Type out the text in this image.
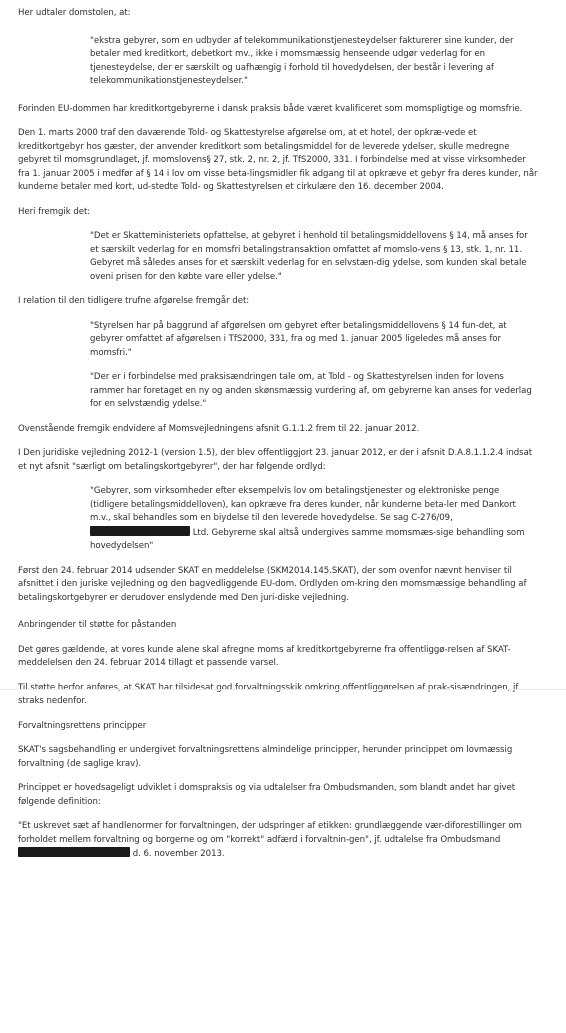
Her udtaler domstolen, at:

"ekstra gebyrer, som en udbyder af telekommunikationstjenesteydelser fakturerer sine kunder, der betaler med kreditkort, debetkort mv., ikke i momsmæssig henseende udgør vederlag for en tjenesteydelse, der er særskilt og uafhængig i forhold til hovedydelsen, der består i levering af telekommunikationstjenesteydelser."

Forinden EU-dommen har kreditkortgebyrerne i dansk praksis både været kvalificeret som momspligtige og momsfrie.

Den 1. marts 2000 traf den daværende Told- og Skattestyrelse afgørelse om, at et hotel, der opkræ-vede et kreditkortgebyr hos gæster, der anvender kreditkort som betalingsmiddel for de leverede ydelser, skulle medregne gebyret til momsgrundlaget, jf. momslovens§ 27, stk. 2, nr. 2, jf. TfS2000, 331. I forbindelse med at visse virksomheder fra 1. januar 2005 i medfør af § 14 i lov om visse beta-lingsmidler fik adgang til at opkræve et gebyr fra deres kunder, når kunderne betaler med kort, ud-stedte Told- og Skattestyrelsen et cirkulære den 16. december 2004.

Heri fremgik det:

"Det er Skatteministeriets opfattelse, at gebyret i henhold til betalingsmiddellovens § 14, må anses for et særskilt vederlag for en momsfri betalingstransaktion omfattet af momslo-vens § 13, stk. 1, nr. 11. Gebyret må således anses for et særskilt vederlag for en selvstæn-dig ydelse, som kunden skal betale oveni prisen for den købte vare eller ydelse."

I relation til den tidligere trufne afgørelse fremgår det:

"Styrelsen har på baggrund af afgørelsen om gebyret efter betalingsmiddellovens § 14 fun-det, at gebyrer omfattet af afgørelsen i TfS2000, 331, fra og med 1. januar 2005 ligeledes må anses for momsfri."

"Der er i forbindelse med praksisændringen tale om, at Told - og Skattestyrelsen inden for lovens rammer har foretaget en ny og anden skønsmæssig vurdering af, om gebyrerne kan anses for vederlag for en selvstændig ydelse."

Ovenstående fremgik endvidere af Momsvejledningens afsnit G.1.1.2 frem til 22. januar 2012.

I Den juridiske vejledning 2012-1 (version 1.5), der blev offentliggjort 23. januar 2012, er der i afsnit D.A.8.1.1.2.4 indsat et nyt afsnit "særligt om betalingskortgebyrer", der har følgende ordlyd:

"Gebyrer, som virksomheder efter eksempelvis lov om betalingstjenester og elektroniske penge (tidligere betalingsmiddelloven), kan opkræve fra deres kunder, når kunderne beta-ler med Dankort m.v., skal behandles som en biydelse til den leverede hovedydelse. Se sag C-276/09,  Ltd. Gebyrerne skal altså undergives samme momsmæs-sige behandling som hovedydelsen"

Først den 24. februar 2014 udsender SKAT en meddelelse (SKM2014.145.SKAT), der som ovenfor nævnt henviser til afsnittet i den juriske vejledning og den bagvedliggende EU-dom. Ordlyden om-kring den momsmæssige behandling af betalingskortgebyrer er derudover enslydende med Den juri-diske vejledning.

Anbringender til støtte for påstanden

Det gøres gældende, at vores kunde alene skal afregne moms af kreditkortgebyrerne fra offentliggø-relsen af SKAT-meddelelsen den 24. februar 2014 tillagt et passende varsel.

Til støtte herfor anføres, at SKAT har tilsidesat god forvaltningsskik omkring offentliggørelsen af prak-sisændringen, jf. straks nedenfor.

Forvaltningsrettens principper

SKAT's sagsbehandling er undergivet forvaltningsrettens almindelige principper, herunder princippet om lovmæssig forvaltning (de saglige krav).

Princippet er hovedsageligt udviklet i domspraksis og via udtalelser fra Ombudsmanden, som blandt andet har givet følgende definition:

"Et uskrevet sæt af handlenormer for forvaltningen, der udspringer af etikken: grundlæggende vær-diforestillinger om forholdet mellem forvaltning og borgerne og om "korrekt" adfærd i forvaltnin-gen", jf. udtalelse fra Ombudsmand  d. 6. november 2013.
